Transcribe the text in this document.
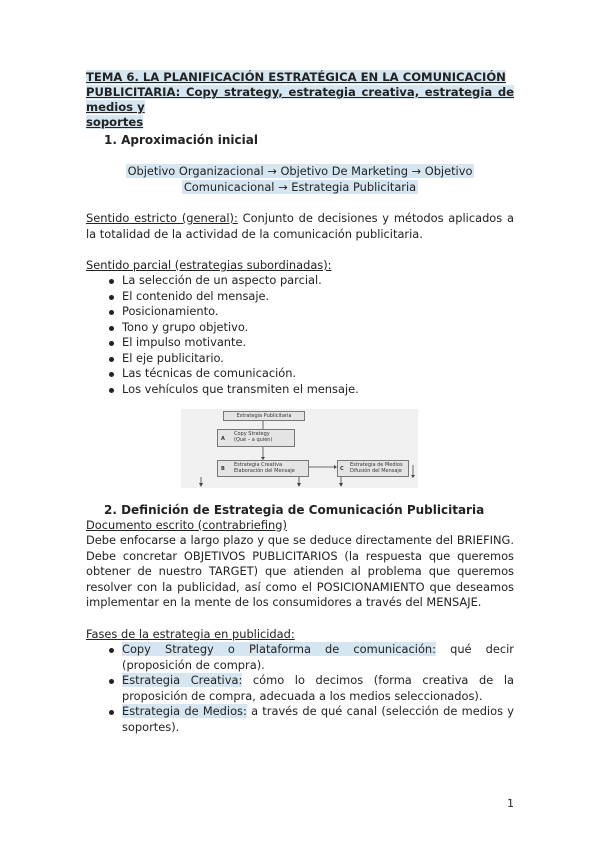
TEMA 6. LA PLANIFICACIÓN ESTRATÉGICA EN LA COMUNICACIÓN
PUBLICITARIA: Copy strategy, estrategia creativa, estrategia de medios y
soportes
1. Aproximación inicial
Objetivo Organizacional → Objetivo De Marketing → Objetivo
Comunicacional → Estrategia Publicitaria
Sentido estricto (general): Conjunto de decisiones y métodos aplicados a la totalidad de la actividad de la comunicación publicitaria.
Sentido parcial (estrategias subordinadas):
La selección de un aspecto parcial.
El contenido del mensaje.
Posicionamiento.
Tono y grupo objetivo.
El impulso motivante.
El eje publicitario.
Las técnicas de comunicación.
Los vehículos que transmiten el mensaje.
Estrategia Publicitaria
Copy Strategy
(Qué – a quién)
A
Estrategia Creativa
Elaboración del Mensaje
B
Estrategia de Medios
Difusión del Mensaje
C
2. Definición de Estrategia de Comunicación Publicitaria
Documento escrito (contrabriefing)
Debe enfocarse a largo plazo y que se deduce directamente del BRIEFING. Debe concretar OBJETIVOS PUBLICITARIOS (la respuesta que queremos obtener de nuestro TARGET) que atienden al problema que queremos resolver con la publicidad, así como el POSICIONAMIENTO que deseamos implementar en la mente de los consumidores a través del MENSAJE.
Fases de la estrategia en publicidad:
Copy Strategy o Plataforma de comunicación: qué decir (proposición de compra).
Estrategia Creativa: cómo lo decimos (forma creativa de la proposición de compra, adecuada a los medios seleccionados).
Estrategia de Medios: a través de qué canal (selección de medios y soportes).
1
